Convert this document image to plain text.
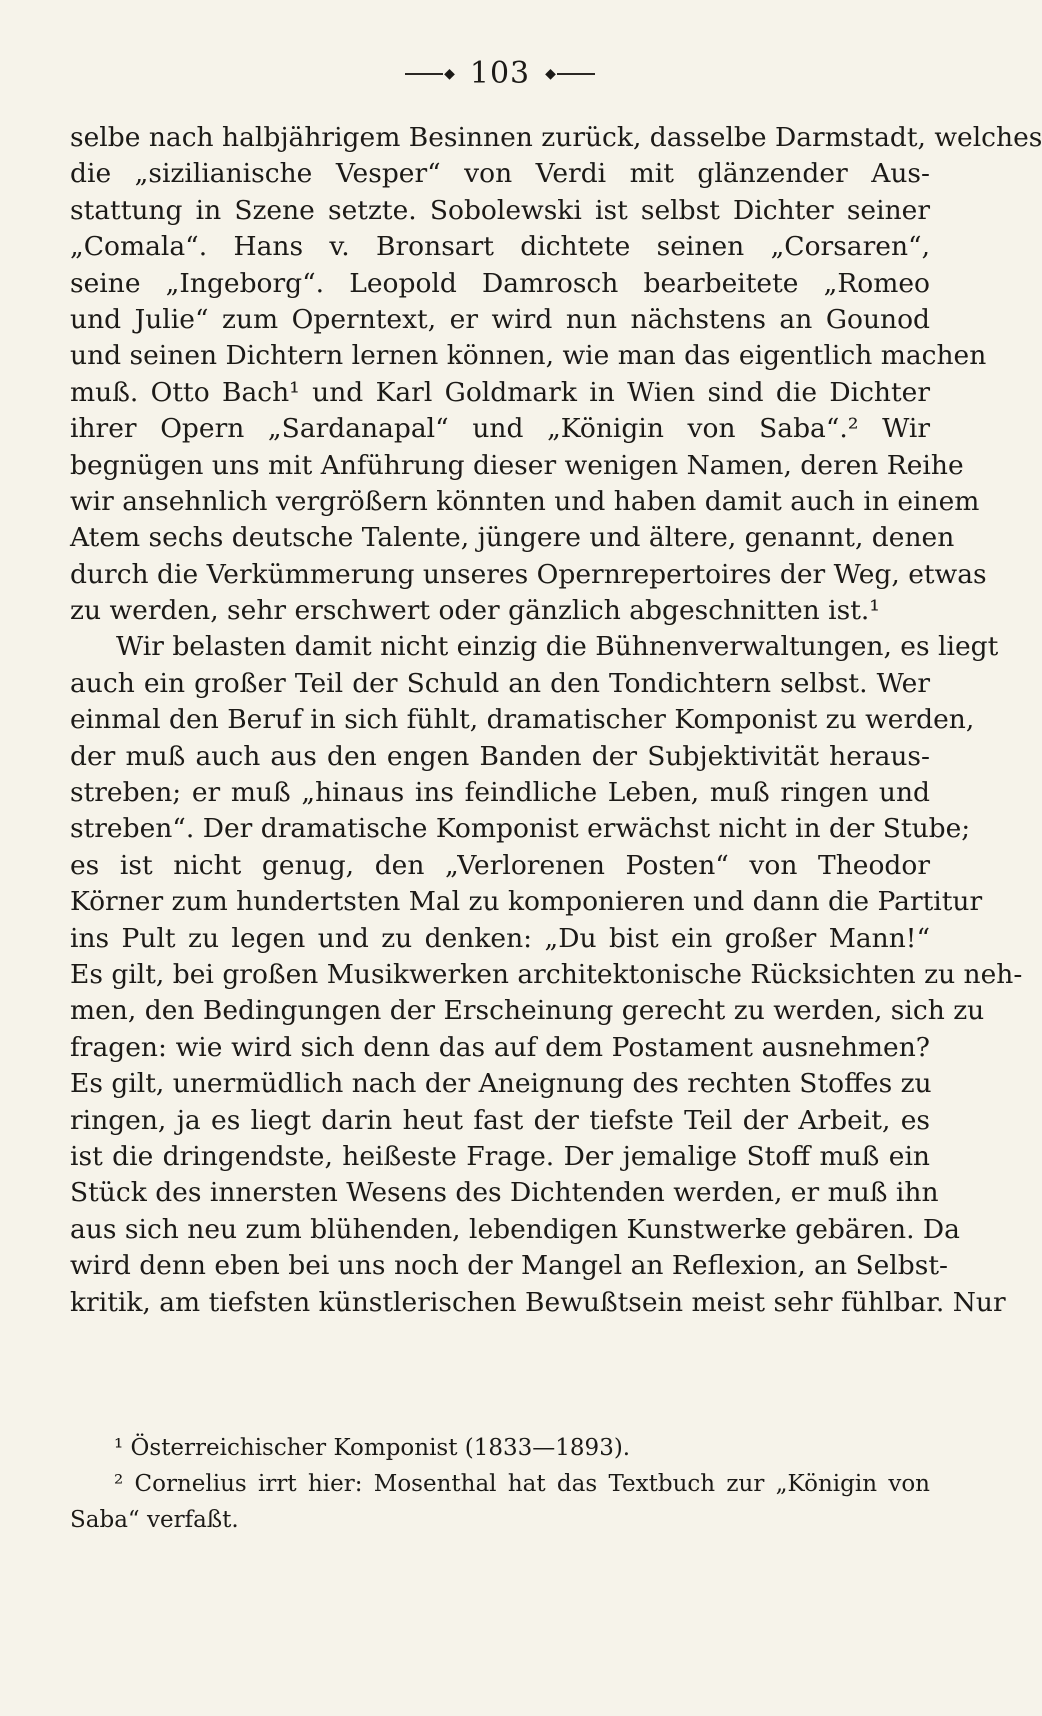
◆ 103 ◆
selbe nach halbjährigem Besinnen zurück, dasselbe Darmstadt, welches
die „sizilianische Vesper“ von Verdi mit glänzender Aus-
stattung in Szene setzte. Sobolewski ist selbst Dichter seiner
„Comala“. Hans v. Bronsart dichtete seinen „Corsaren“,
seine „Ingeborg“. Leopold Damrosch bearbeitete „Romeo
und Julie“ zum Operntext, er wird nun nächstens an Gounod
und seinen Dichtern lernen können, wie man das eigentlich machen
muß. Otto Bach¹ und Karl Goldmark in Wien sind die Dichter
ihrer Opern „Sardanapal“ und „Königin von Saba“.² Wir
begnügen uns mit Anführung dieser wenigen Namen, deren Reihe
wir ansehnlich vergrößern könnten und haben damit auch in einem
Atem sechs deutsche Talente, jüngere und ältere, genannt, denen
durch die Verkümmerung unseres Opernrepertoires der Weg, etwas
zu werden, sehr erschwert oder gänzlich abgeschnitten ist.¹
Wir belasten damit nicht einzig die Bühnenverwaltungen, es liegt
auch ein großer Teil der Schuld an den Tondichtern selbst. Wer
einmal den Beruf in sich fühlt, dramatischer Komponist zu werden,
der muß auch aus den engen Banden der Subjektivität heraus-
streben; er muß „hinaus ins feindliche Leben, muß ringen und
streben“. Der dramatische Komponist erwächst nicht in der Stube;
es ist nicht genug, den „Verlorenen Posten“ von Theodor
Körner zum hundertsten Mal zu komponieren und dann die Partitur
ins Pult zu legen und zu denken: „Du bist ein großer Mann!“
Es gilt, bei großen Musikwerken architektonische Rücksichten zu neh-
men, den Bedingungen der Erscheinung gerecht zu werden, sich zu
fragen: wie wird sich denn das auf dem Postament ausnehmen?
Es gilt, unermüdlich nach der Aneignung des rechten Stoffes zu
ringen, ja es liegt darin heut fast der tiefste Teil der Arbeit, es
ist die dringendste, heißeste Frage. Der jemalige Stoff muß ein
Stück des innersten Wesens des Dichtenden werden, er muß ihn
aus sich neu zum blühenden, lebendigen Kunstwerke gebären. Da
wird denn eben bei uns noch der Mangel an Reflexion, an Selbst-
kritik, am tiefsten künstlerischen Bewußtsein meist sehr fühlbar. Nur
¹ Österreichischer Komponist (1833—1893).
² Cornelius irrt hier: Mosenthal hat das Textbuch zur „Königin von
Saba“ verfaßt.
